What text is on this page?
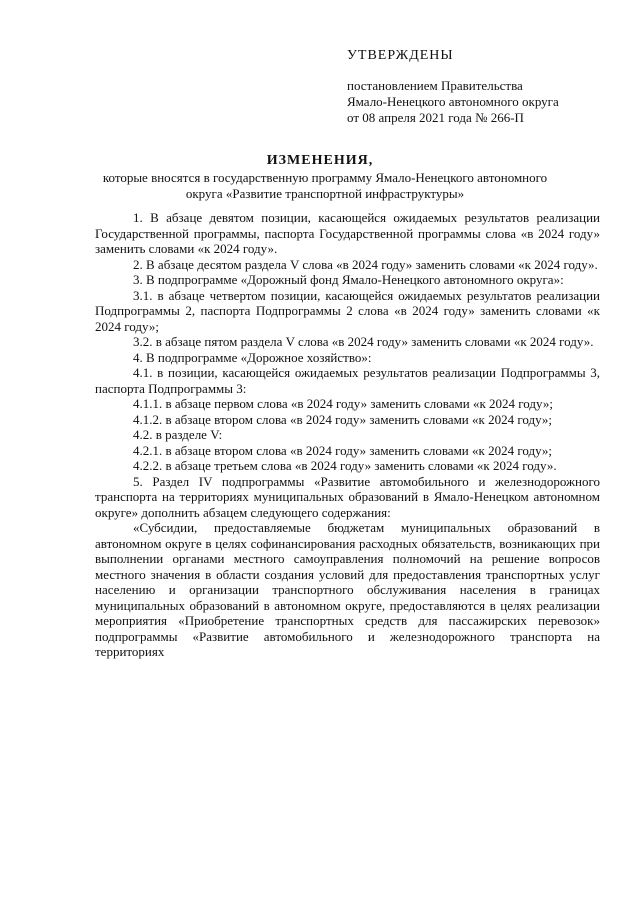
УТВЕРЖДЕНЫ
постановлением Правительства
Ямало-Ненецкого автономного округа
от 08 апреля 2021 года № 266-П
ИЗМЕНЕНИЯ,
которые вносятся в государственную программу Ямало-Ненецкого автономного округа «Развитие транспортной инфраструктуры»

1. В абзаце девятом позиции, касающейся ожидаемых результатов реализации Государственной программы, паспорта Государственной программы слова «в 2024 году» заменить словами «к 2024 году».

2. В абзаце десятом раздела V слова «в 2024 году» заменить словами «к 2024 году».

3. В подпрограмме «Дорожный фонд Ямало-Ненецкого автономного округа»:

3.1. в абзаце четвертом позиции, касающейся ожидаемых результатов реализации Подпрограммы 2, паспорта Подпрограммы 2 слова «в 2024 году» заменить словами «к 2024 году»;

3.2. в абзаце пятом раздела V слова «в 2024 году» заменить словами «к 2024 году».

4. В подпрограмме «Дорожное хозяйство»:

4.1. в позиции, касающейся ожидаемых результатов реализации Подпрограммы 3, паспорта Подпрограммы 3:

4.1.1. в абзаце первом слова «в 2024 году» заменить словами «к 2024 году»;

4.1.2. в абзаце втором слова «в 2024 году» заменить словами «к 2024 году»;

4.2. в разделе V:

4.2.1. в абзаце втором слова «в 2024 году» заменить словами «к 2024 году»;

4.2.2. в абзаце третьем слова «в 2024 году» заменить словами «к 2024 году».

5. Раздел IV подпрограммы «Развитие автомобильного и железнодорожного транспорта на территориях муниципальных образований в Ямало-Ненецком автономном округе» дополнить абзацем следующего содержания:

«Субсидии, предоставляемые бюджетам муниципальных образований в автономном округе в целях софинансирования расходных обязательств, возникающих при выполнении органами местного самоуправления полномочий на решение вопросов местного значения в области создания условий для предоставления транспортных услуг населению и организации транспортного обслуживания населения в границах муниципальных образований в автономном округе, предоставляются в целях реализации мероприятия «Приобретение транспортных средств для пассажирских перевозок» подпрограммы «Развитие автомобильного и железнодорожного транспорта на территориях
